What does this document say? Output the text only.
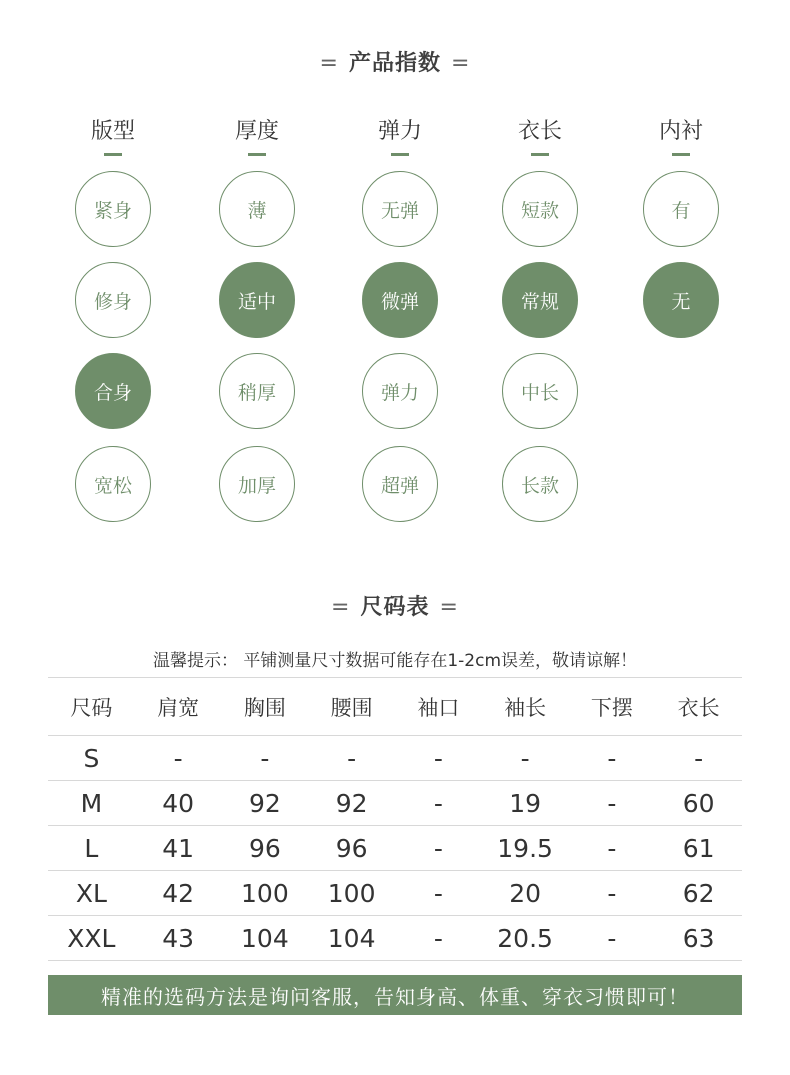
= 产品指数 =
版型
紧身
修身
合身
宽松
厚度
薄
适中
稍厚
加厚
弹力
无弹
微弹
弹力
超弹
衣长
短款
常规
中长
长款
内衬
有
无
= 尺码表 =
温馨提示： 平铺测量尺寸数据可能存在1-2cm误差，敬请谅解！
尺码	肩宽	胸围	腰围	袖口	袖长	下摆	衣长
S	-	-	-	-	-	-	-
M	40	92	92	-	19	-	60
L	41	96	96	-	19.5	-	61
XL	42	100	100	-	20	-	62
XXL	43	104	104	-	20.5	-	63
精准的选码方法是询问客服，告知身高、体重、穿衣习惯即可！
